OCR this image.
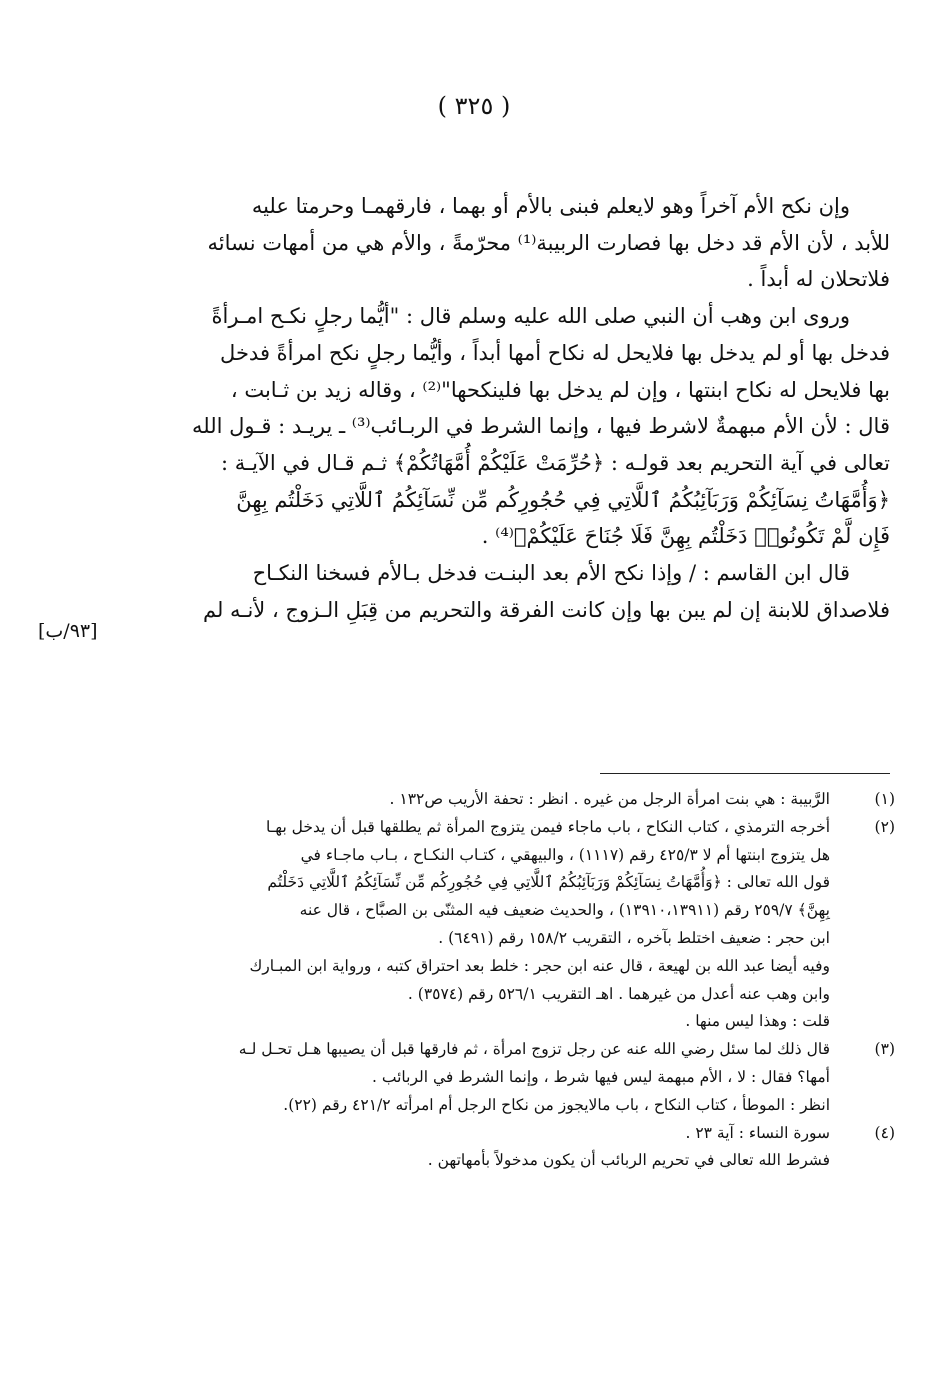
( ٣٢٥ )

وإن نكح الأم آخراً وهو لايعلم فبنى بالأم أو بهما ، فارقهمـا وحرمتا عليه

للأبد ، لأن الأم قد دخل بها فصارت الربيبة⁽¹⁾ محرّمةً ، والأم هي من أمهات نسائه

فلاتحلان له أبداً .

وروى ابن وهب أن النبي صلى الله عليه وسلم قال : "أيُّما رجلٍ نكـح امـرأةً

فدخل بها أو لم يدخل بها فلايحل له نكاح أمها أبداً ، وأيُّما رجلٍ نكح امرأةً فدخل

بها فلايحل له نكاح ابنتها ، وإن لم يدخل بها فلينكحها"⁽²⁾ ، وقاله زيد بن ثـابت ،

قال : لأن الأم مبهمةٌ لاشرط فيها ، وإنما الشرط في الربـائب⁽³⁾ ـ يريـد : قـول الله

تعالى في آية التحريم بعد قولـه : ﴿حُرِّمَتْ عَلَيْكُمْ أُمَّهَاتُكُمْ﴾ ثـم قـال في الآيـة :

﴿وَأُمَّهَاتُ نِسَآئِكُمْ وَرَبَآئِبُكُمُ ٱللَّاتِي فِي حُجُورِكُم مِّن نِّسَآئِكُمُ ٱللَّاتِي دَخَلْتُم بِهِنَّ

فَإِن لَّمْ تَكُونُوا۟ دَخَلْتُم بِهِنَّ فَلَا جُنَاحَ عَلَيْكُمْ﴾⁽⁴⁾ .

قال ابن القاسم : / وإذا نكح الأم بعد البنـت فدخل بـالأم فسخنا النكـاح

فلاصداق للابنة إن لم يبن بها وإن كانت الفرقة والتحريم من قِبَلِ الـزوج ، لأنـه لم

[٩٣/ب]
(١)
الرَّبيبة : هي بنت امرأة الرجل من غيره . انظر : تحفة الأريب ص١٣٢ .
(٢)
أخرجه الترمذي ، كتاب النكاح ، باب ماجاء فيمن يتزوج المرأة ثم يطلقها قبل أن يدخل بهـا
هل يتزوج ابنتها أم لا ٤٢٥/٣ رقم (١١١٧) ، والبيهقي ، كتـاب النكـاح ، بـاب ماجـاء في
قول الله تعالى : ﴿وَأُمَّهَاتُ نِسَآئِكُمْ وَرَبَآئِبُكُمُ ٱللَّاتِي فِي حُجُورِكُم مِّن نِّسَآئِكُمُ ٱللَّاتِي دَخَلْتُم
بِهِنَّ﴾ ٢٥٩/٧ رقم (١٣٩١٠،١٣٩١١) ، والحديث ضعيف فيه المثنّى بن الصبَّاح ، قال عنه
ابن حجر : ضعيف اختلط بآخره ، التقريب ١٥٨/٢ رقم (٦٤٩١) .
وفيه أيضا عبد الله بن لهيعة ، قال عنه ابن حجر : خلط بعد احتراق كتبه ، ورواية ابن المبـارك
وابن وهب عنه أعدل من غيرهما . اهـ التقريب ٥٢٦/١ رقم (٣٥٧٤) .
قلت : وهذا ليس منها .
(٣)
قال ذلك لما سئل رضي الله عنه عن رجل تزوج امرأة ، ثم فارقها قبل أن يصيبها هـل تحـل لـه
أمها؟ فقال : لا ، الأم مبهمة ليس فيها شرط ، وإنما الشرط في الربائب .
انظر : الموطأ ، كتاب النكاح ، باب مالايجوز من نكاح الرجل أم امرأته ٤٢١/٢ رقم (٢٢).
(٤)
سورة النساء : آية ٢٣ .
فشرط الله تعالى في تحريم الربائب أن يكون مدخولاً بأمهاتهن .
